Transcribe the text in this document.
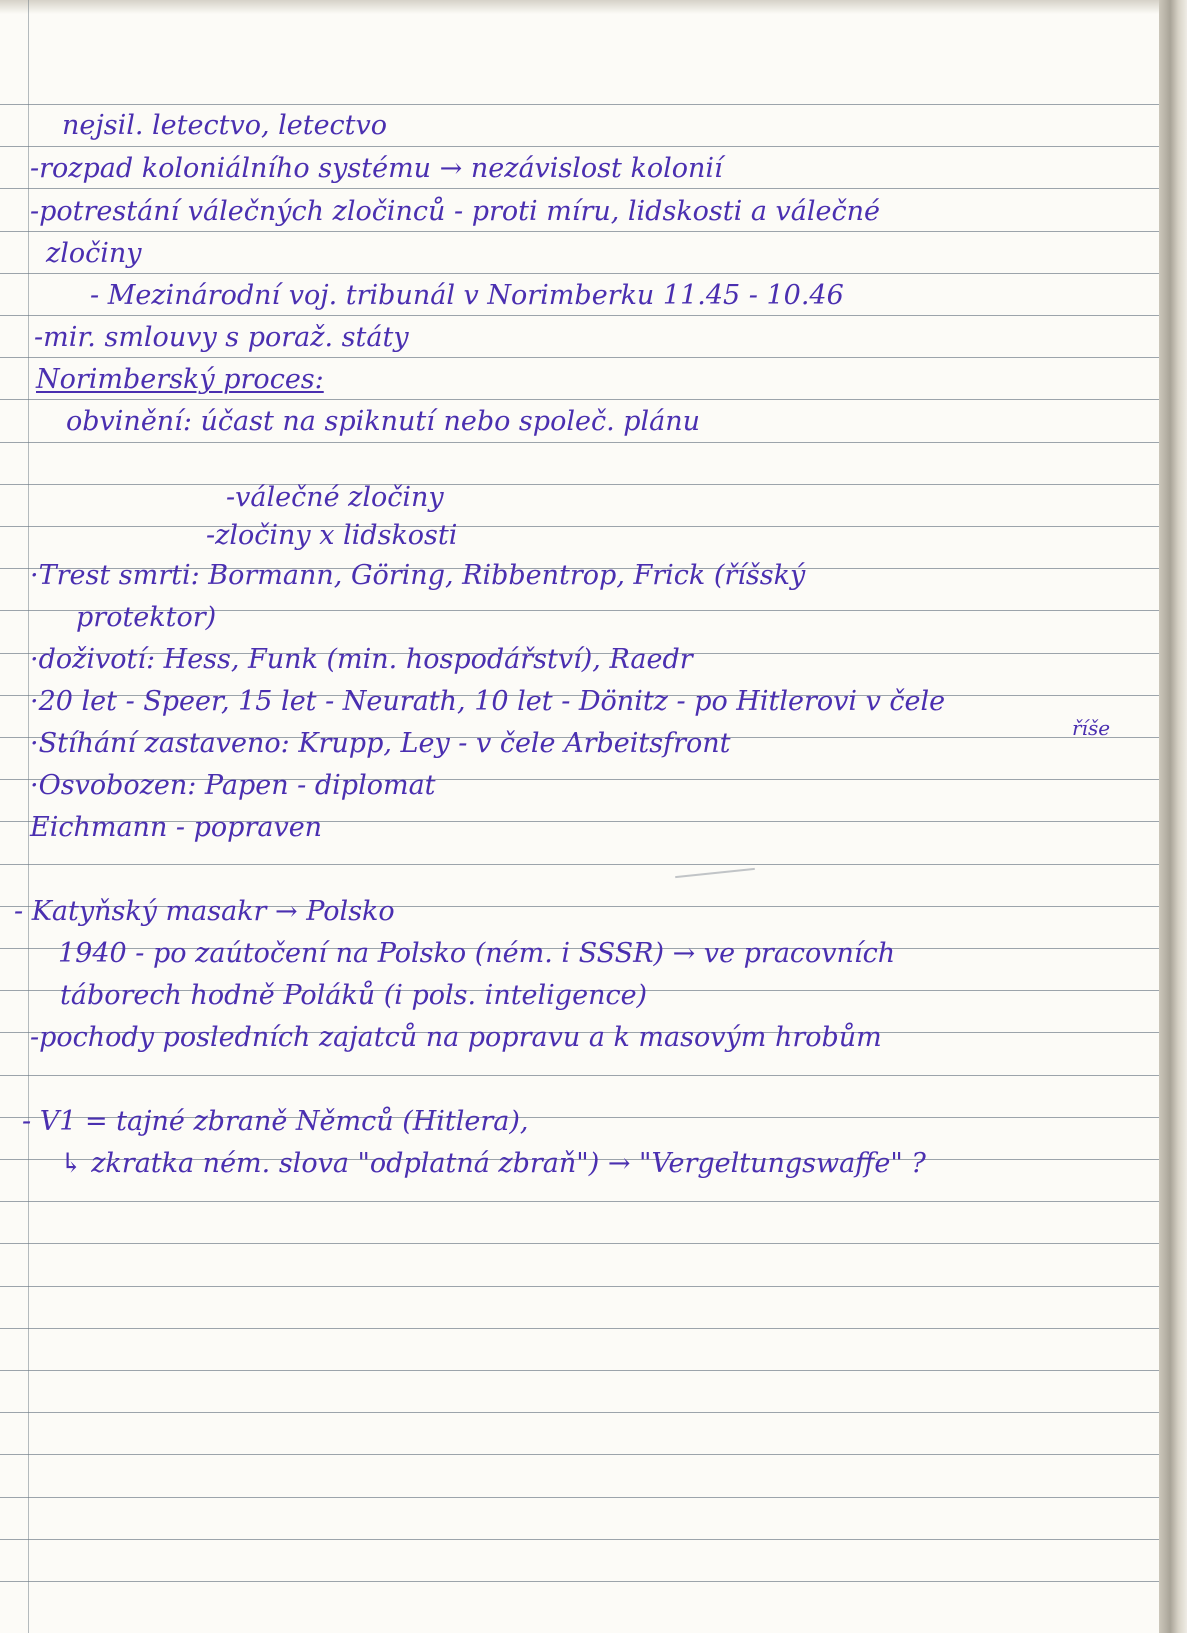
nejsil. letectvo, letectvo
-rozpad koloniálního systému → nezávislost kolonií
-potrestání válečných zločinců - proti míru, lidskosti a válečné
zločiny
- Mezinárodní voj. tribunál v Norimberku 11.45 - 10.46
-mir. smlouvy s poraž. státy
Norimberský proces:
obvinění: účast na spiknutí nebo společ. plánu
-válečné zločiny
-zločiny x lidskosti
·Trest smrti: Bormann, Göring, Ribbentrop, Frick (říšský
protektor)
·doživotí: Hess, Funk (min. hospodářství), Raedr
·20 let - Speer, 15 let - Neurath, 10 let - Dönitz - po Hitlerovi v čele
říše
·Stíhání zastaveno: Krupp, Ley - v čele Arbeitsfront
·Osvobozen: Papen - diplomat
Eichmann - popraven
- Katyňský masakr → Polsko
1940 - po zaútočení na Polsko (ném. i SSSR) → ve pracovních
táborech hodně Poláků (i pols. inteligence)
-pochody posledních zajatců na popravu a k masovým hrobům
- V1 = tajné zbraně Němců (Hitlera),
↳ zkratka ném. slova "odplatná zbraň") → "Vergeltungswaffe" ?
